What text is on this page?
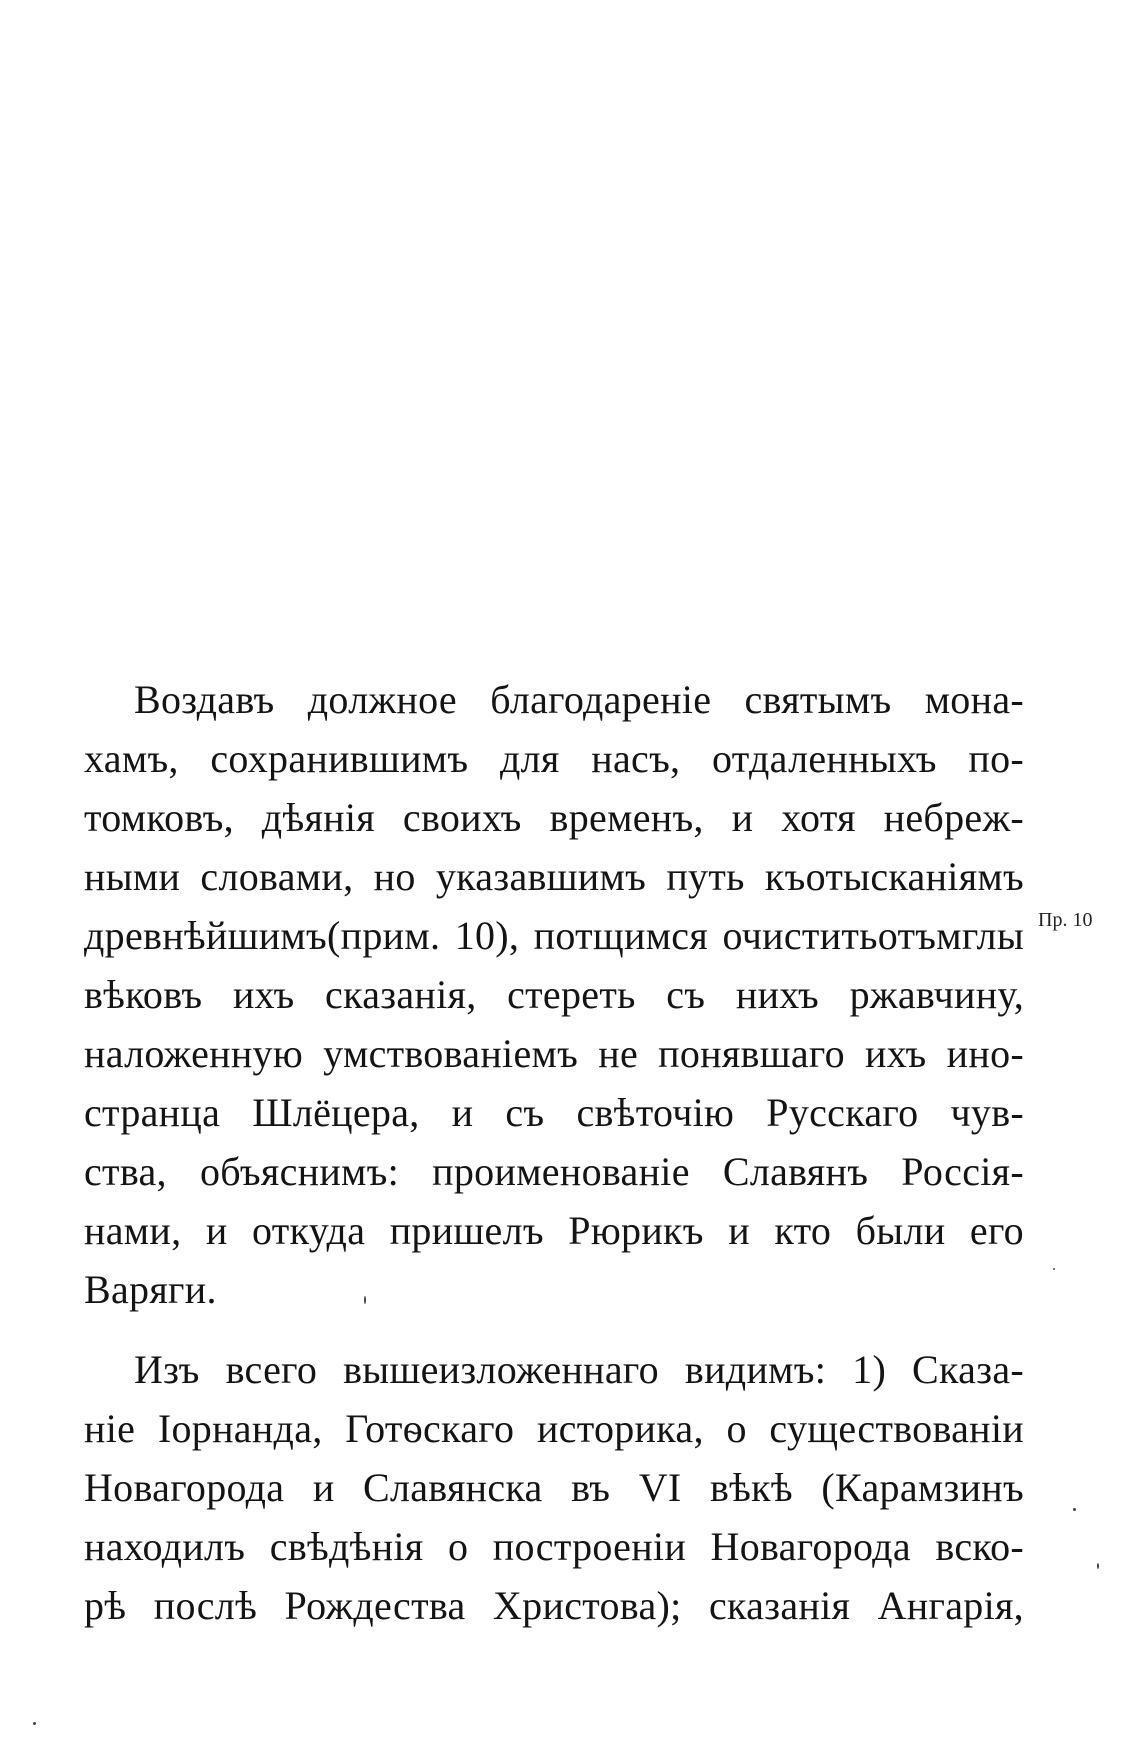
Воздавъ должное благодареніе святымъ мона-
хамъ, сохранившимъ для насъ, отдаленныхъ по-
томковъ, дѣянія своихъ временъ, и хотя небреж-
ными словами, но указавшимъ путь къотысканіямъ
древнѣйшимъ(прим. 10), потщимся очиститьотъмглы
вѣковъ ихъ сказанія, стереть съ нихъ ржавчину,
наложенную умствованіемъ не понявшаго ихъ ино-
странца Шлёцера, и съ свѣточію Русскаго чув-
ства, объяснимъ: проименованіе Славянъ Россія-
нами, и откуда пришелъ Рюрикъ и кто были его
Варяги.
Пр. 10
Изъ всего вышеизложеннаго видимъ: 1) Сказа-
ніе Iорнанда, Готѳскаго историка, о существованіи
Новагорода и Славянска въ VI вѣкѣ (Карамзинъ
находилъ свѣдѣнія о построеніи Новагорода вско-
рѣ послѣ Рождества Христова); сказанія Ангарія,
